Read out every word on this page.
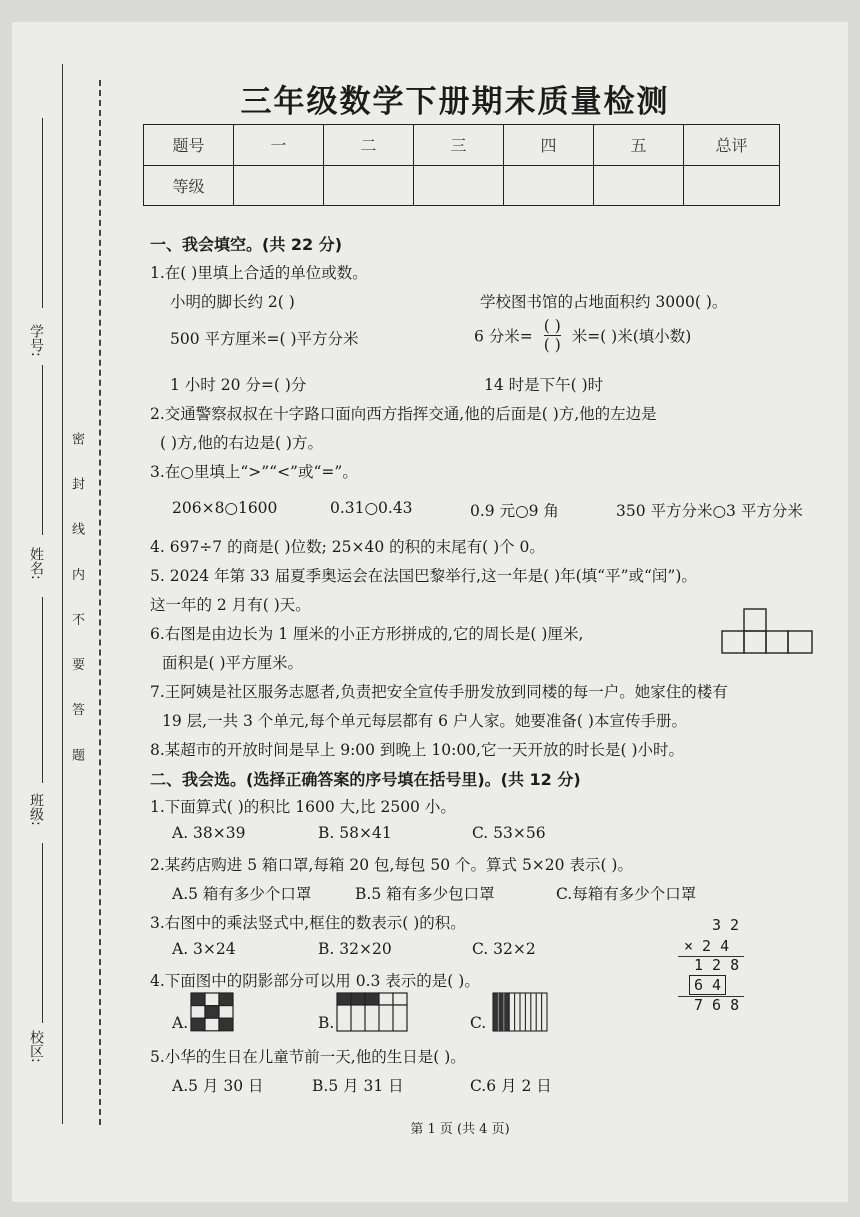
学号:
姓名:
班级:
校区:
密 封 线 内 不 要 答 题
三年级数学下册期末质量检测
题号	一	二	三	四	五	总评
等级						
一、我会填空。(共 22 分)
1.在( )里填上合适的单位或数。
小明的脚长约 2( )	学校图书馆的占地面积约 3000( )。
500 平方厘米=( )平方分米	6 分米= $\frac{( )}{( )}$ 米=( )米(填小数)
1 小时 20 分=( )分	14 时是下午( )时
2.交通警察叔叔在十字路口面向西方指挥交通,他的后面是( )方,他的左边是
( )方,他的右边是( )方。
3.在○里填上“>”“<”或“=”。
206×8○1600	0.31○0.43	0.9 元○9 角	350 平方分米○3 平方分米
4. 697÷7 的商是( )位数; 25×40 的积的末尾有( )个 0。
5. 2024 年第 33 届夏季奥运会在法国巴黎举行,这一年是( )年(填“平”或“闰”)。
这一年的 2 月有( )天。
6.右图是由边长为 1 厘米的小正方形拼成的,它的周长是( )厘米,
面积是( )平方厘米。
7.王阿姨是社区服务志愿者,负责把安全宣传手册发放到同楼的每一户。她家住的楼有
19 层,一共 3 个单元,每个单元每层都有 6 户人家。她要准备( )本宣传手册。
8.某超市的开放时间是早上 9:00 到晚上 10:00,它一天开放的时长是( )小时。
二、我会选。(选择正确答案的序号填在括号里)。(共 12 分)
1.下面算式( )的积比 1600 大,比 2500 小。
A. 38×39	B. 58×41	C. 53×56
2.某药店购进 5 箱口罩,每箱 20 包,每包 50 个。算式 5×20 表示( )。
A.5 箱有多少个口罩	B.5 箱有多少包口罩	C.每箱有多少个口罩
3.右图中的乘法竖式中,框住的数表示( )的积。
A. 3×24	B. 32×20	C. 32×2
3 2
× 2 4
1 2 8
6 4
7 6 8
4.下面图中的阴影部分可以用 0.3 表示的是( )。
A.	B.	C.
5.小华的生日在儿童节前一天,他的生日是( )。
A.5 月 30 日	B.5 月 31 日	C.6 月 2 日
第 1 页 (共 4 页)
